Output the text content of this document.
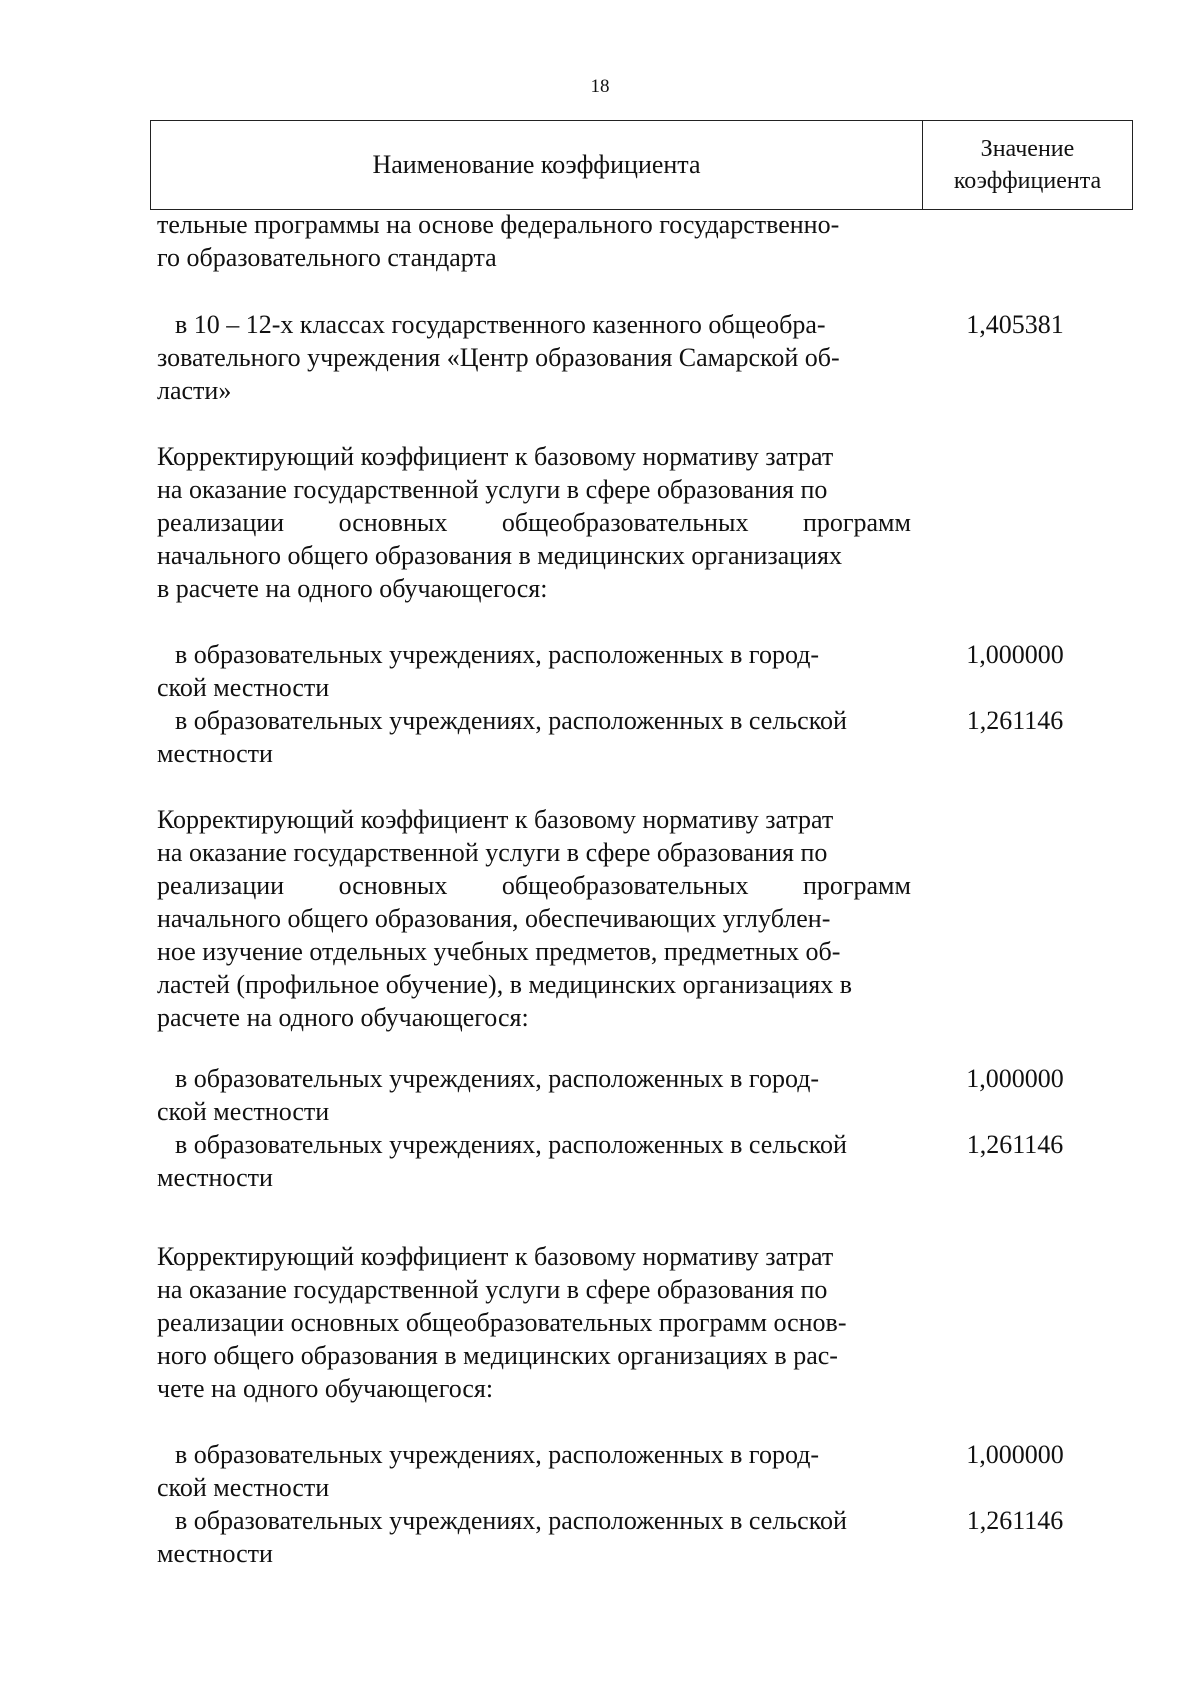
18
Наименование коэффициента
Значение
коэффициента
тельные программы на основе федерального государственно-
го образовательного стандарта
в 10 – 12-х классах государственного казенного общеобра-
зовательного учреждения «Центр образования Самарской об-
ласти»
1,405381
Корректирующий коэффициент к базовому нормативу затрат
на оказание государственной услуги в сфере образования по
реализации основных общеобразовательных программ
начального общего образования в медицинских организациях
в расчете на одного обучающегося:
в образовательных учреждениях, расположенных в город-
ской местности
1,000000
в образовательных учреждениях, расположенных в сельской
местности
1,261146
Корректирующий коэффициент к базовому нормативу затрат
на оказание государственной услуги в сфере образования по
реализации основных общеобразовательных программ
начального общего образования, обеспечивающих углублен-
ное изучение отдельных учебных предметов, предметных об-
ластей (профильное обучение), в медицинских организациях в
расчете на одного обучающегося:
в образовательных учреждениях, расположенных в город-
ской местности
1,000000
в образовательных учреждениях, расположенных в сельской
местности
1,261146
Корректирующий коэффициент к базовому нормативу затрат
на оказание государственной услуги в сфере образования по
реализации основных общеобразовательных программ основ-
ного общего образования в медицинских организациях в рас-
чете на одного обучающегося:
в образовательных учреждениях, расположенных в город-
ской местности
1,000000
в образовательных учреждениях, расположенных в сельской
местности
1,261146
